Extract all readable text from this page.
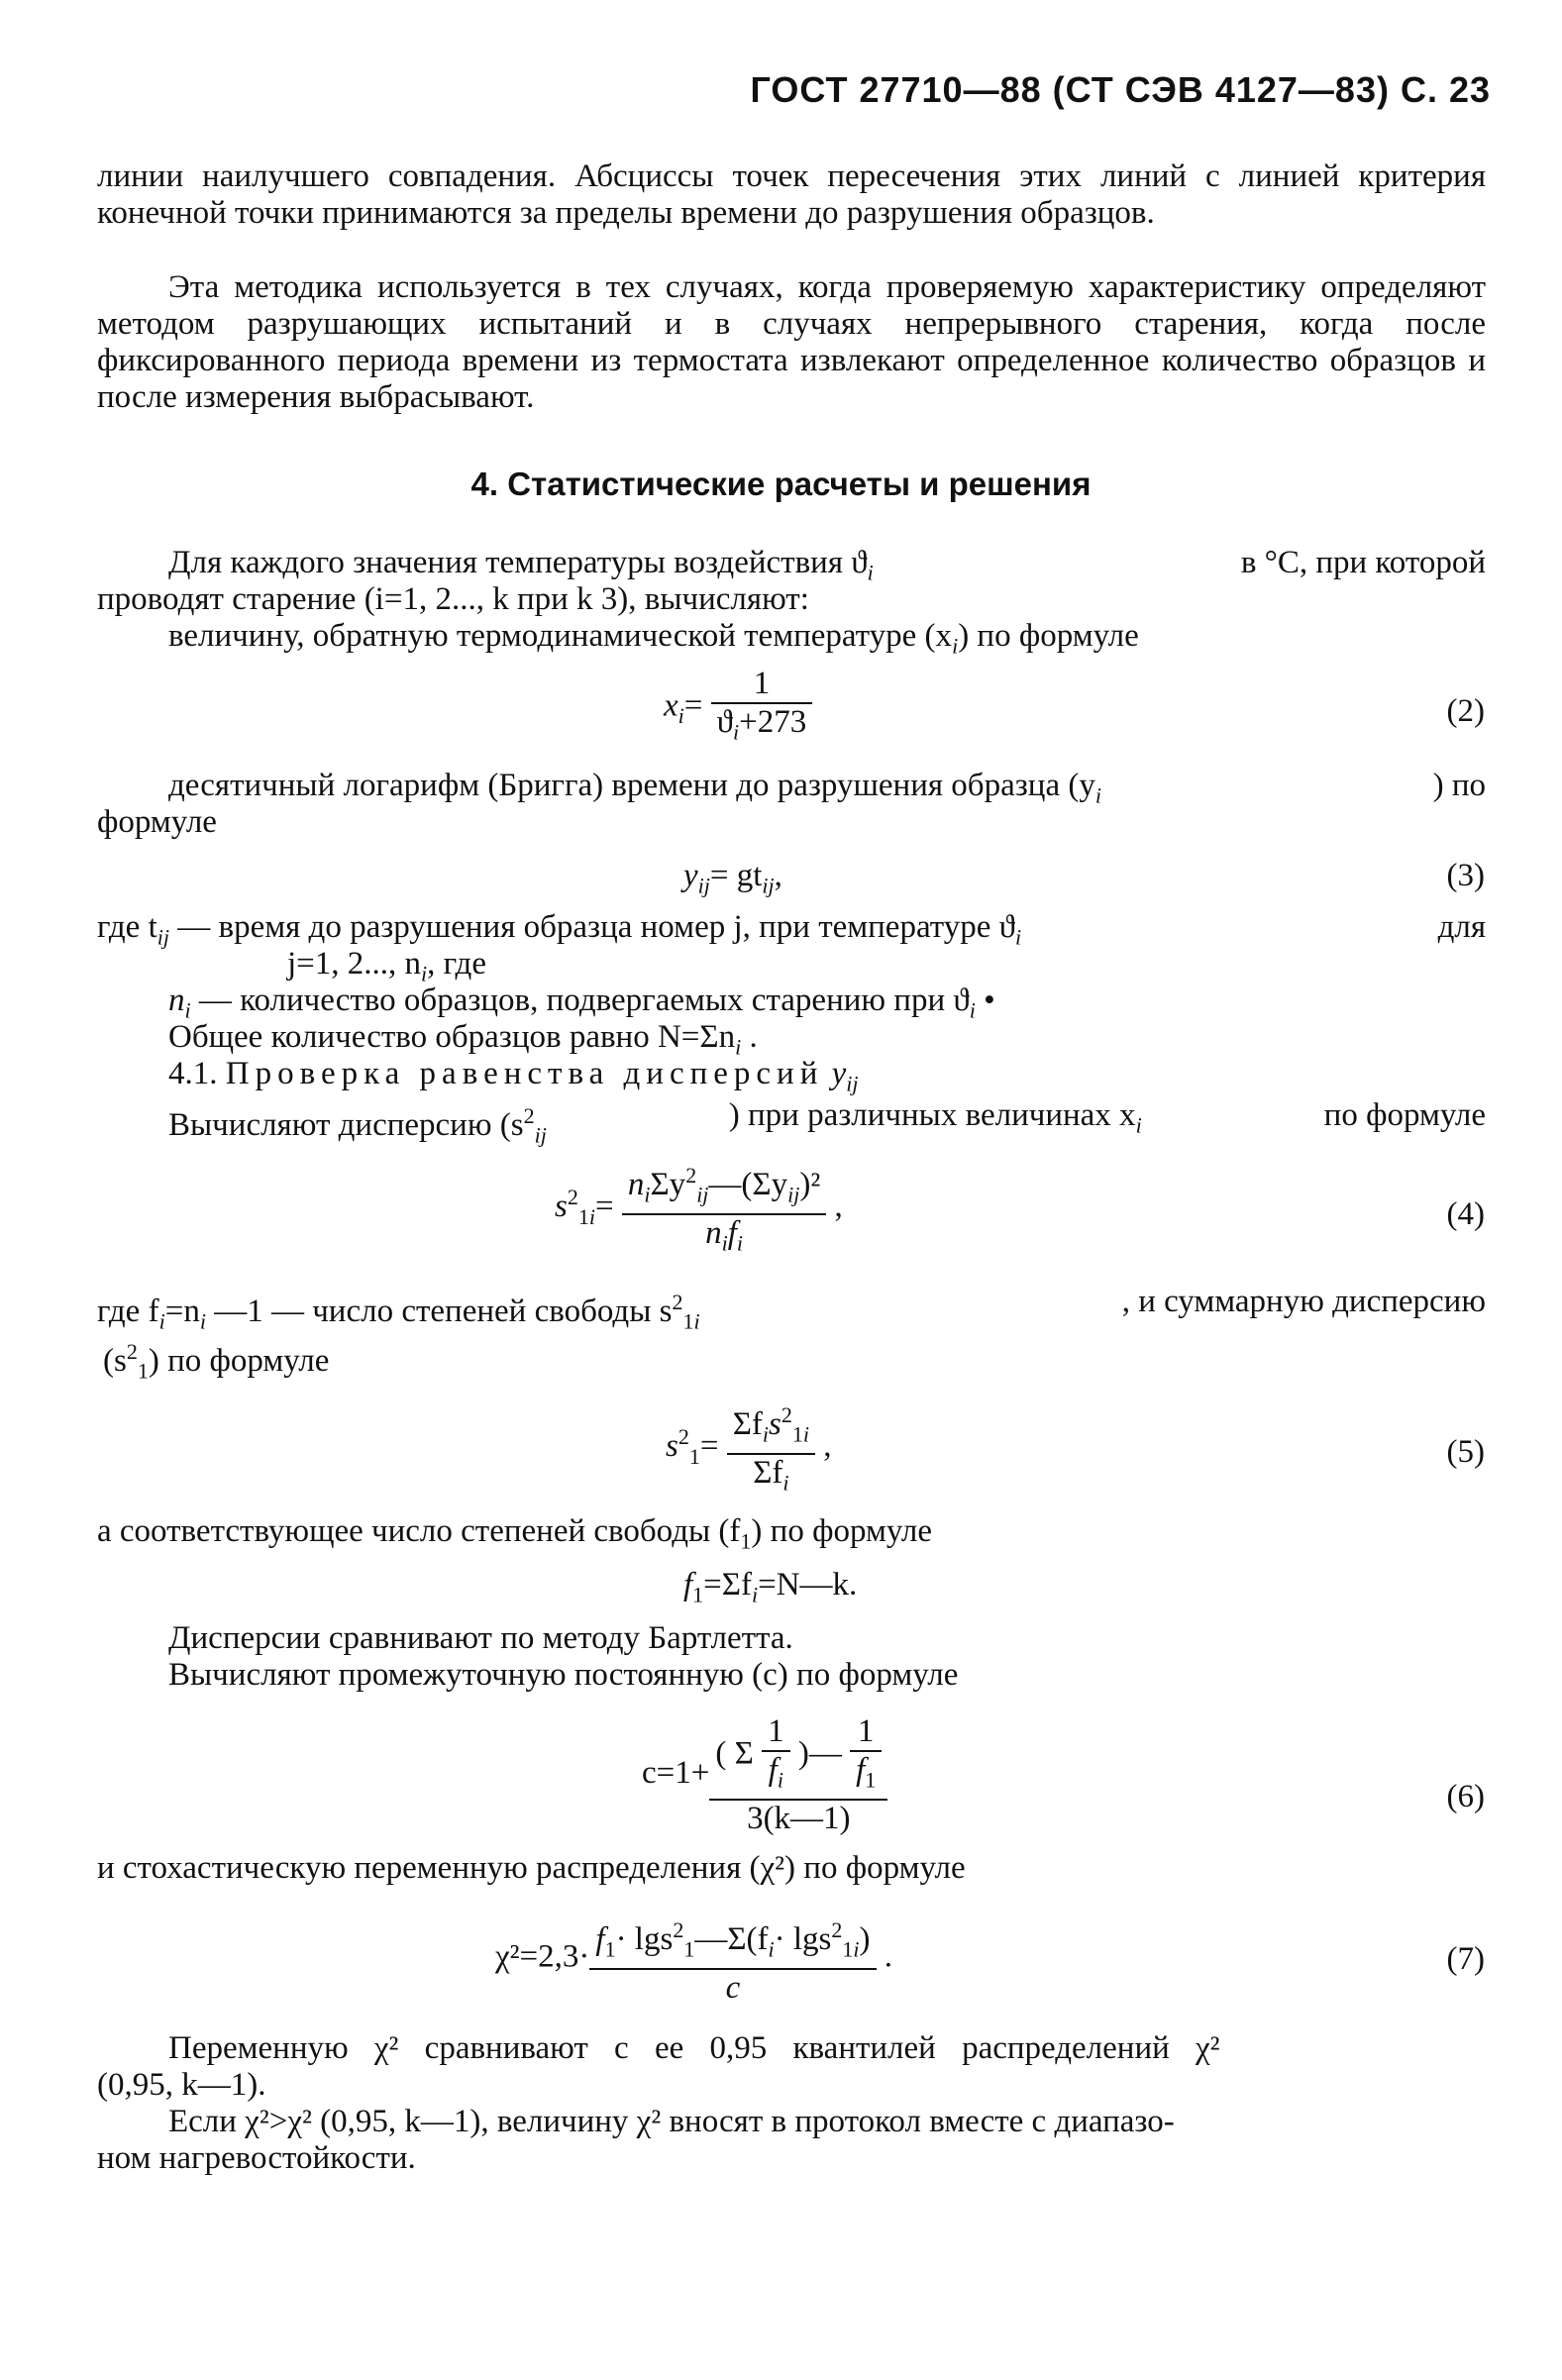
ГОСТ 27710—88 (СТ СЭВ 4127—83) С. 23
линии наилучшего совпадения. Абсциссы точек пересечения этих линий с линией критерия конечной точки принимаются за пределы времени до разрушения образцов.
Эта методика используется в тех случаях, когда проверяемую характеристику определяют методом разрушающих испытаний и в случаях непрерывного старения, когда после фиксированного периода времени из термостата извлекают определенное количество образцов и после измерения выбрасывают.
4. Статистические расчеты и решения
Для каждого значения температуры воздействия $ϑ_i$	в °С, при которой
проводят старение (i=1, 2..., k при k 3), вычисляют:
величину, обратную термодинамической температуре $(x_i)$ по формуле
$x_i= \frac{1}{ϑ_i+273}$	(2)
десятичный логарифм (Бригга) времени до разрушения образца ($y_i$	) по
формуле
$y_{ij}= gt_{ij}$,	(3)
где $t_{ij}$ — время до разрушения образца номер j, при температуре $ϑ_i$	для
j=1, 2..., $n_i$, где
$n_i$ — количество образцов, подвергаемых старению при $ϑ_i$ •
Общее количество образцов равно $N=\Sigma n_i$ .
4.1. Проверка равенства дисперсий $y_{ij}$
Вычисляют дисперсию ($s^2_{ij}$
) при различных величинах $x_i$	по формуле
$s^2_{1i}= \frac{n_i\Sigma y^2_{ij}—(\Sigma y_{ij})^2}{n_if_i}$ ,	(4)
где $f_i=n_i$ —1 — число степеней свободы $s^2_{1i}$
, и суммарную дисперсию
$(s^2_1)$ по формуле
$s^2_1= \frac{\Sigma f_is^2_{1i}}{\Sigma f_i}$ ,	(5)
а соответствующее число степеней свободы $(f_1)$ по формуле
$f_1=\Sigma f_i=N—k$.
Дисперсии сравнивают по методу Бартлетта.
Вычисляют промежуточную постоянную (c) по формуле
$c=1+ \frac{( \Sigma \frac{1}{f_i} )— \frac{1}{f_1}}{3(k—1)}$	(6)
и стохастическую переменную распределения (χ²) по формуле
$\chi^2=2,3\cdot \frac{f_1\cdot \lg s^2_1—\Sigma(f_i\cdot \lg s^2_{1i})}{c}$ .	(7)
Переменную χ² сравнивают с ее 0,95 квантилей распределений χ²
(0,95, k—1).
Если χ²>χ² (0,95, k—1), величину χ² вносят в протокол вместе с диапазо-
ном нагревостойкости.
